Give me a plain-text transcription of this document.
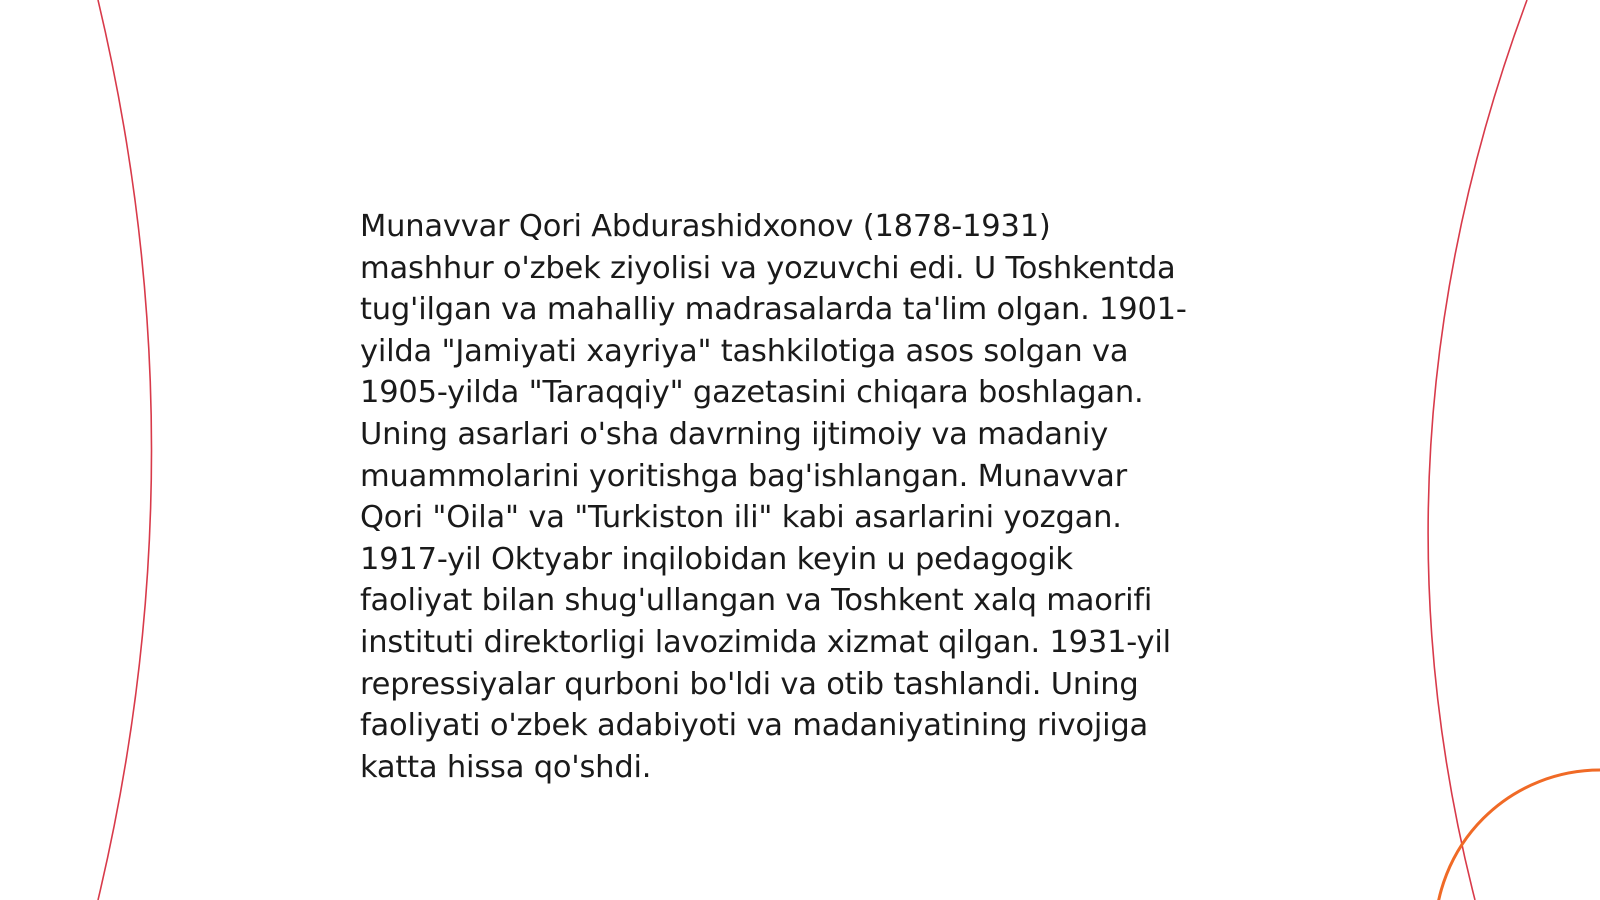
Munavvar Qori Abdurashidxonov (1878-1931)
mashhur o'zbek ziyolisi va yozuvchi edi. U Toshkentda
tug'ilgan va mahalliy madrasalarda ta'lim olgan. 1901-
yilda "Jamiyati xayriya" tashkilotiga asos solgan va
1905-yilda "Taraqqiy" gazetasini chiqara boshlagan.
Uning asarlari o'sha davrning ijtimoiy va madaniy
muammolarini yoritishga bag'ishlangan. Munavvar
Qori "Oila" va "Turkiston ili" kabi asarlarini yozgan.
1917-yil Oktyabr inqilobidan keyin u pedagogik
faoliyat bilan shug'ullangan va Toshkent xalq maorifi
instituti direktorligi lavozimida xizmat qilgan. 1931-yil
repressiyalar qurboni bo'ldi va otib tashlandi. Uning
faoliyati o'zbek adabiyoti va madaniyatining rivojiga
katta hissa qo'shdi.
